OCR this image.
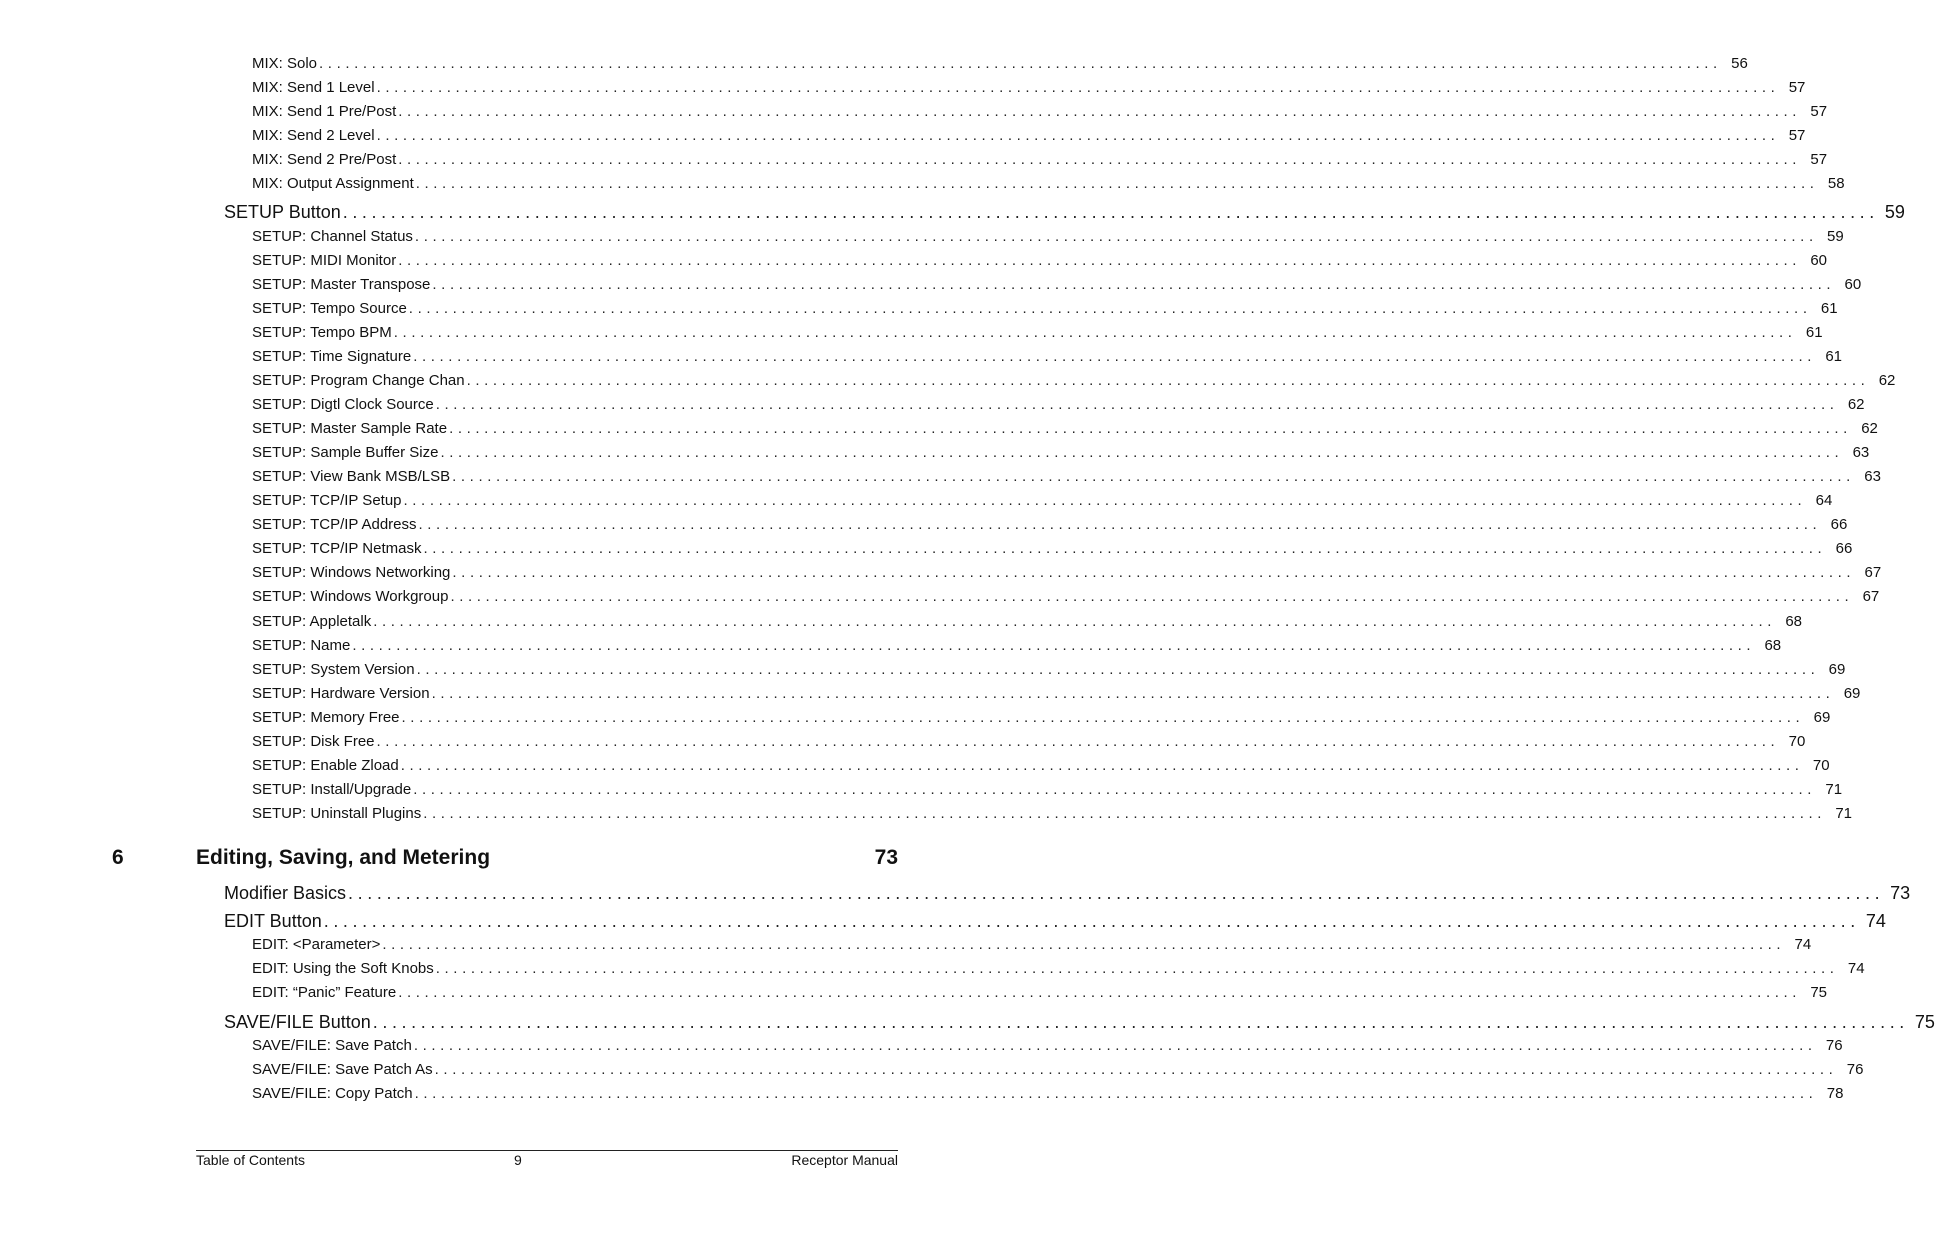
MIX: Solo ................................................................................................................................................................ 56
MIX: Send 1 Level ................................................................................................................................................................ 57
MIX: Send 1 Pre/Post ................................................................................................................................................................ 57
MIX: Send 2 Level ................................................................................................................................................................ 57
MIX: Send 2 Pre/Post ................................................................................................................................................................ 57
MIX: Output Assignment ................................................................................................................................................................ 58
SETUP Button ................................................................................................................................................................ 59
SETUP: Channel Status ................................................................................................................................................................ 59
SETUP: MIDI Monitor ................................................................................................................................................................ 60
SETUP: Master Transpose ................................................................................................................................................................ 60
SETUP: Tempo Source ................................................................................................................................................................ 61
SETUP: Tempo BPM ................................................................................................................................................................ 61
SETUP: Time Signature ................................................................................................................................................................ 61
SETUP: Program Change Chan ................................................................................................................................................................ 62
SETUP: Digtl Clock Source ................................................................................................................................................................ 62
SETUP: Master Sample Rate ................................................................................................................................................................ 62
SETUP: Sample Buffer Size ................................................................................................................................................................ 63
SETUP: View Bank MSB/LSB ................................................................................................................................................................ 63
SETUP: TCP/IP Setup ................................................................................................................................................................ 64
SETUP: TCP/IP Address ................................................................................................................................................................ 66
SETUP: TCP/IP Netmask ................................................................................................................................................................ 66
SETUP: Windows Networking ................................................................................................................................................................ 67
SETUP: Windows Workgroup ................................................................................................................................................................ 67
SETUP: Appletalk ................................................................................................................................................................ 68
SETUP: Name ................................................................................................................................................................ 68
SETUP: System Version ................................................................................................................................................................ 69
SETUP: Hardware Version ................................................................................................................................................................ 69
SETUP: Memory Free ................................................................................................................................................................ 69
SETUP: Disk Free ................................................................................................................................................................ 70
SETUP: Enable Zload ................................................................................................................................................................ 70
SETUP: Install/Upgrade ................................................................................................................................................................ 71
SETUP: Uninstall Plugins ................................................................................................................................................................ 71
6	Editing, Saving, and Metering	73
Modifier Basics ................................................................................................................................................................ 73
EDIT Button ................................................................................................................................................................ 74
EDIT: <Parameter> ................................................................................................................................................................ 74
EDIT: Using the Soft Knobs ................................................................................................................................................................ 74
EDIT: “Panic” Feature ................................................................................................................................................................ 75
SAVE/FILE Button ................................................................................................................................................................ 75
SAVE/FILE: Save Patch ................................................................................................................................................................ 76
SAVE/FILE: Save Patch As ................................................................................................................................................................ 76
SAVE/FILE: Copy Patch ................................................................................................................................................................ 78
Table of Contents	9	Receptor Manual
